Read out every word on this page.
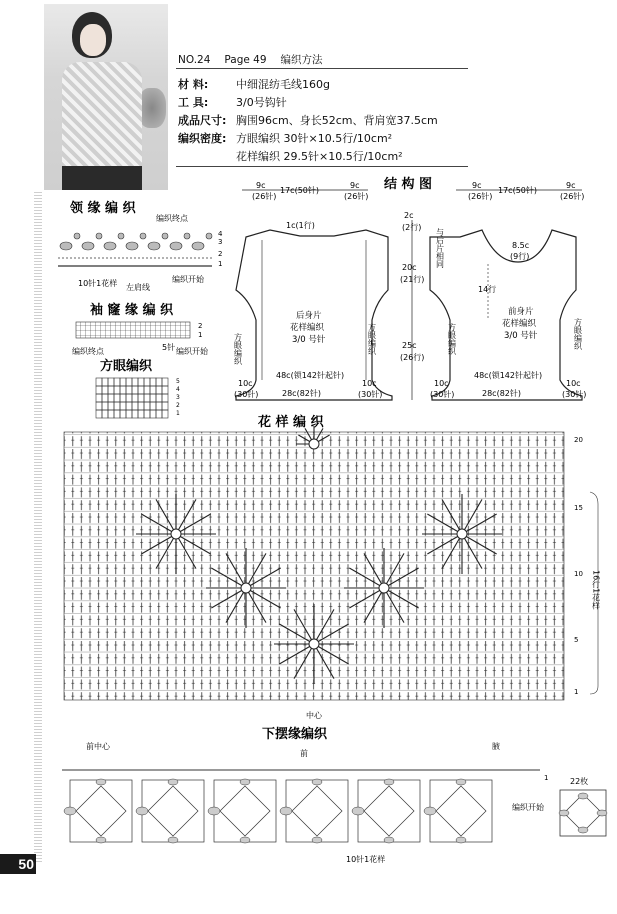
50
NO.24 Page 49 编织方法
材 料:	中细混纺毛线160g
工 具:	3/0号钩针
成品尺寸: 胸围96cm、身长52cm、背肩宽37.5cm
编织密度: 方眼编织 30针×10.5行/10cm²
花样编织 29.5针×10.5行/10cm²
结 构 图
9c
(26针)
17c(50针)
9c
(26针)
1c(1行)
后身片
花样编织
3/0 号针
方眼编织	方眼编织
48c(锁142针起针)
28c(82针)
10c
(30针)
10c
(30针)
2c
(2行)
20c
(21行)
25c
(26行)
9c
(26针)
17c(50针)
9c
(26针)
与后片相同	8.5c
(9行)
14行
前身片
花样编织
3/0 号针
方眼编织	方眼编织
48c(锁142针起针)
28c(82针)
10c
(30针)
10c
(30针)
领 缘 编 织
编织终点
4
3
2
1
10针1花样 左肩线
编织开始
袖 窿 缘 编 织
2
1
编织终点	5针 编织开始
方眼编织
5
4
3
2
1
花 样 编 织
20
15
10
5
1
16行1花样
中心
下摆缘编织
前中心
前
腋
1
编织开始
10针1花样
22枚
